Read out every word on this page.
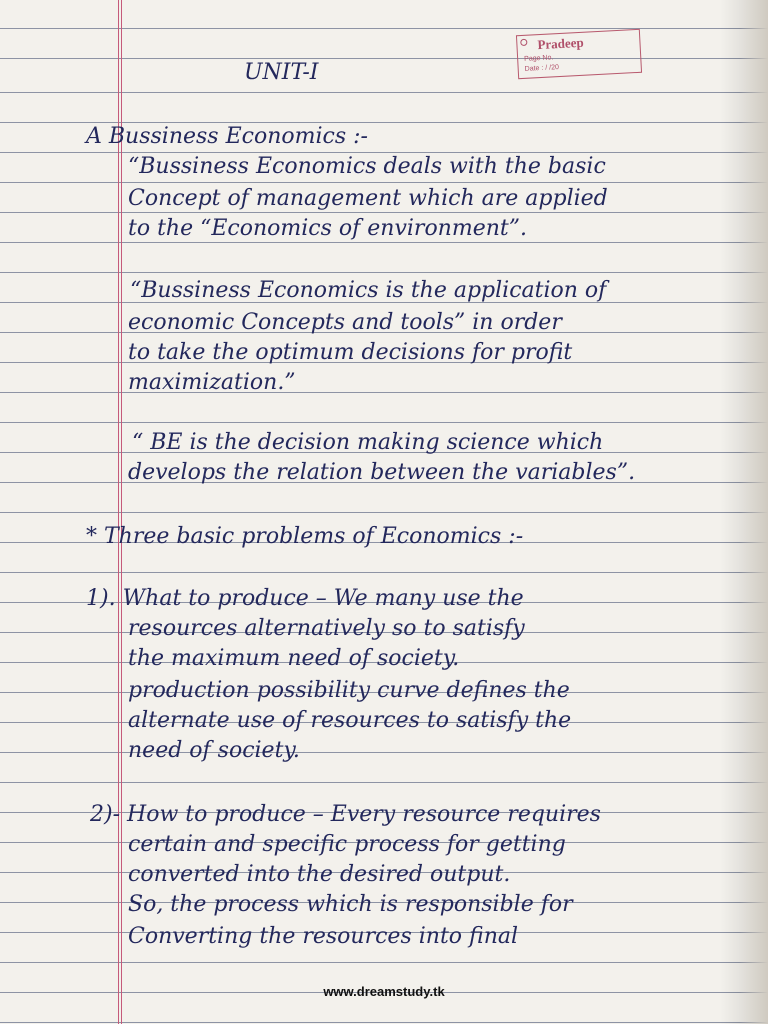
Pradeep
Page No.
Date : / /20

UNIT-I

A Bussiness Economics :-

“Bussiness Economics deals with the basic

Concept of management which are applied

to the “Economics of environment”.

“Bussiness Economics is the application of

economic Concepts and tools” in order

to take the optimum decisions for profit

maximization.”

“ BE is the decision making science which

develops the relation between the variables”.

* Three basic problems of Economics :-

1). What to produce – We many use the

resources alternatively so to satisfy

the maximum need of society.

production possibility curve defines the

alternate use of resources to satisfy the

need of society.

2)- How to produce – Every resource requires

certain and specific process for getting

converted into the desired output.

So, the process which is responsible for

Converting the resources into final

www.dreamstudy.tk
